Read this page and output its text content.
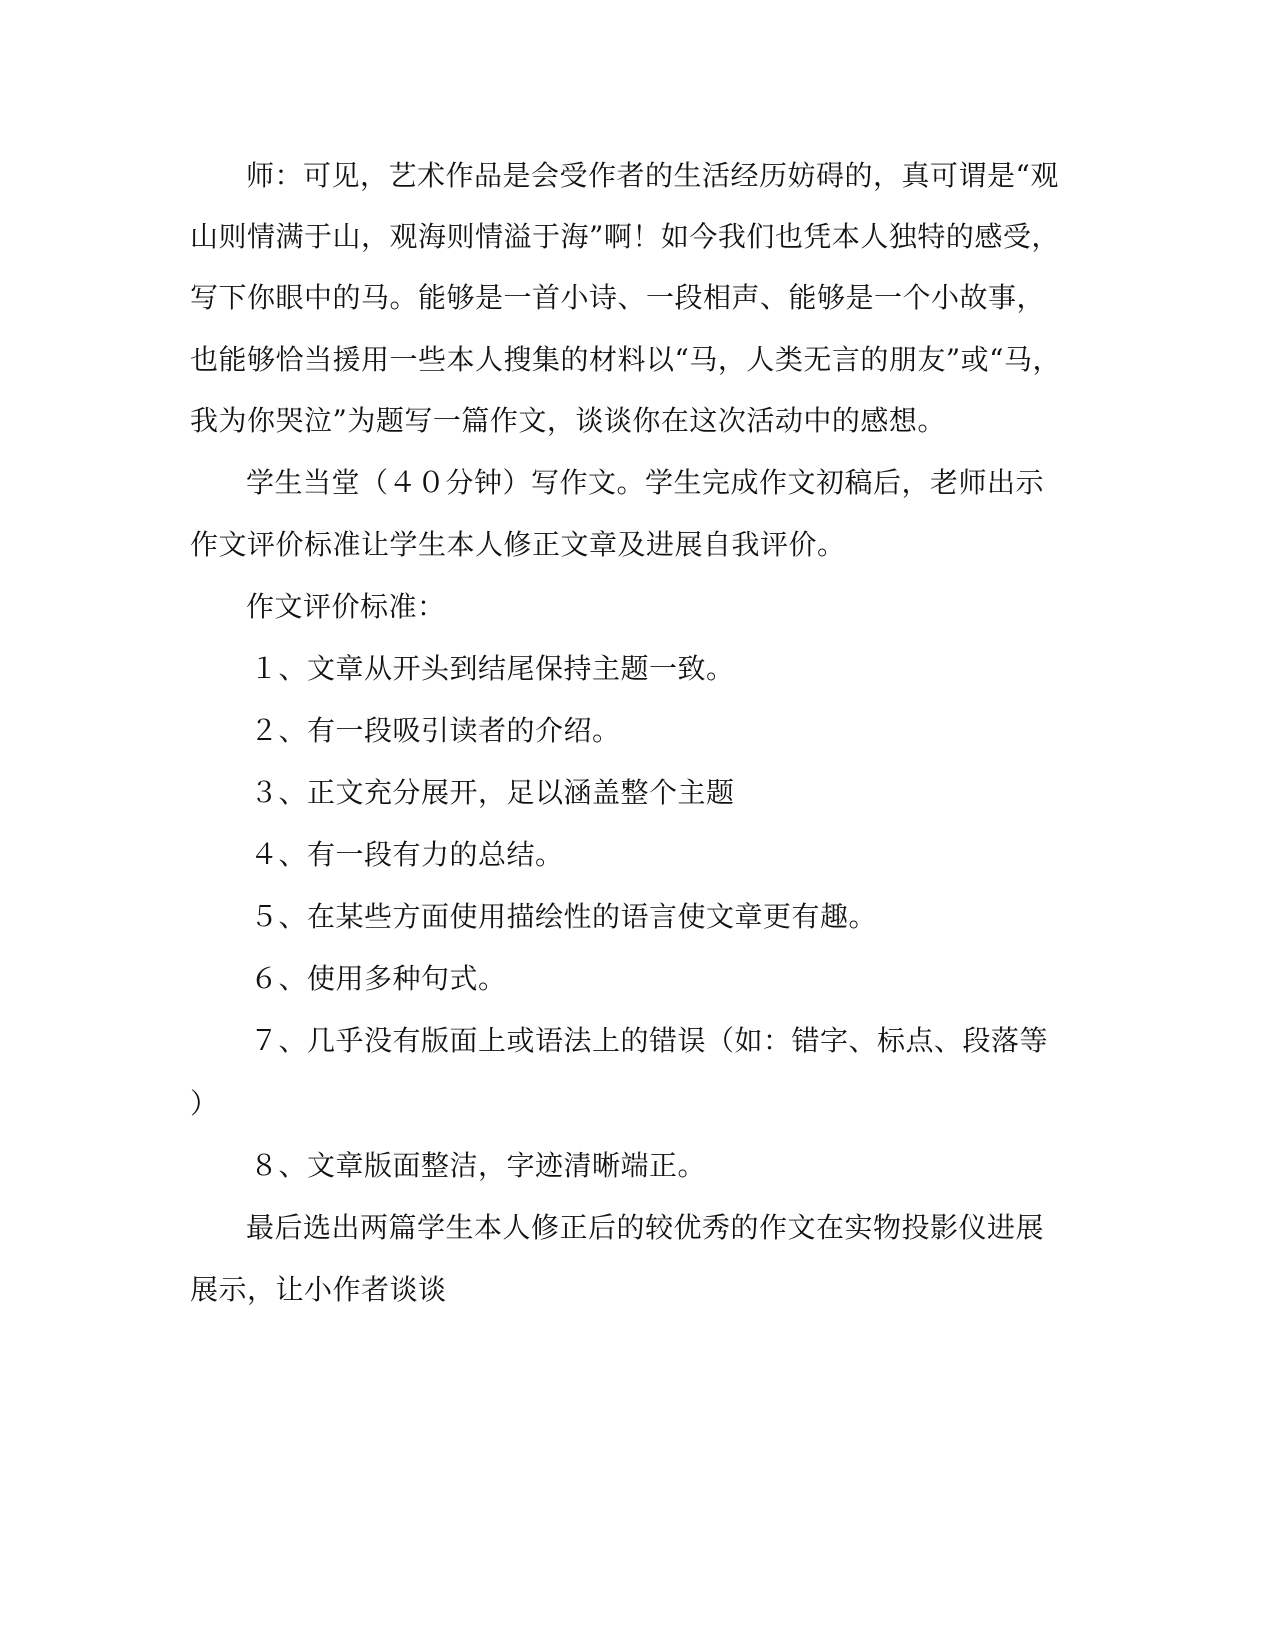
师：可见，艺术作品是会受作者的生活经历妨碍的，真可谓是“观

山则情满于山，观海则情溢于海”啊！如今我们也凭本人独特的感受，

写下你眼中的马。能够是一首小诗、一段相声、能够是一个小故事，

也能够恰当援用一些本人搜集的材料以“马，人类无言的朋友”或“马，

我为你哭泣”为题写一篇作文，谈谈你在这次活动中的感想。

学生当堂（４０分钟）写作文。学生完成作文初稿后，老师出示

作文评价标准让学生本人修正文章及进展自我评价。

作文评价标准：

１、文章从开头到结尾保持主题一致。

２、有一段吸引读者的介绍。

３、正文充分展开，足以涵盖整个主题

４、有一段有力的总结。

５、在某些方面使用描绘性的语言使文章更有趣。

６、使用多种句式。

７、几乎没有版面上或语法上的错误（如：错字、标点、段落等

）

８、文章版面整洁，字迹清晰端正。

最后选出两篇学生本人修正后的较优秀的作文在实物投影仪进展

展示，让小作者谈谈
